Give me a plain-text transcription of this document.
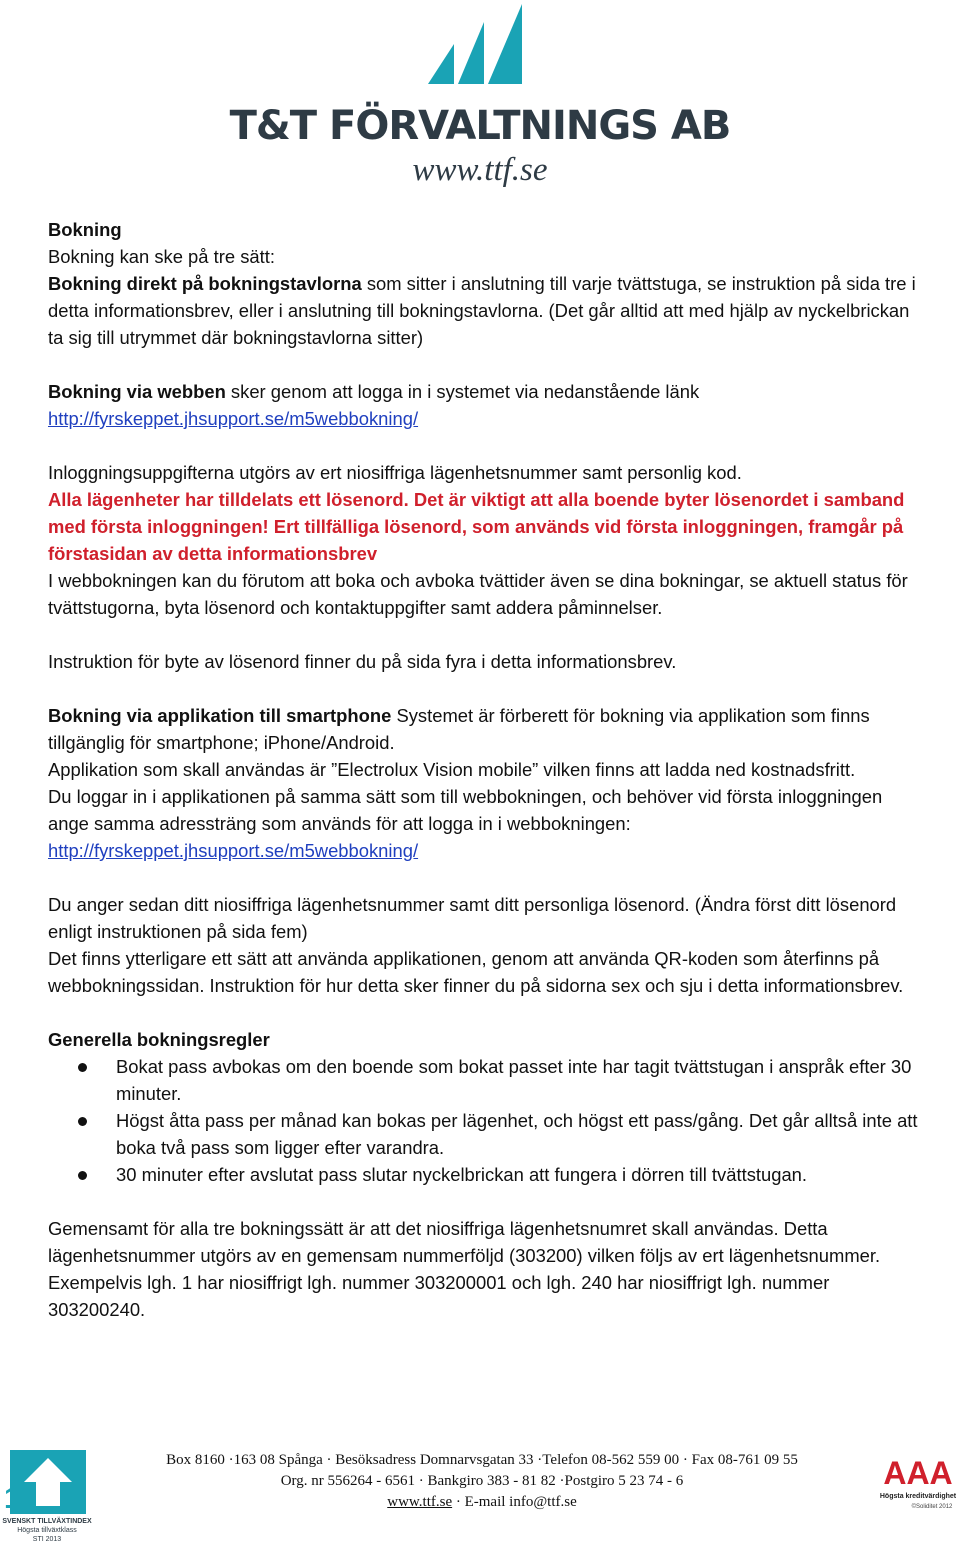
T&T FÖRVALTNINGS AB
www.ttf.se

Bokning

Bokning kan ske på tre sätt:

Bokning direkt på bokningstavlorna som sitter i anslutning till varje tvättstuga, se instruktion på sida tre i detta informationsbrev, eller i anslutning till bokningstavlorna. (Det går alltid att med hjälp av nyckelbrickan ta sig till utrymmet där bokningstavlorna sitter)

Bokning via webben sker genom att logga in i systemet via nedanstående länk

http://fyrskeppet.jhsupport.se/m5webbokning/

Inloggningsuppgifterna utgörs av ert niosiffriga lägenhetsnummer samt personlig kod.

Alla lägenheter har tilldelats ett lösenord. Det är viktigt att alla boende byter lösenordet i samband med första inloggningen! Ert tillfälliga lösenord, som används vid första inloggningen, framgår på förstasidan av detta informationsbrev

I webbokningen kan du förutom att boka och avboka tvättider även se dina bokningar, se aktuell status för tvättstugorna, byta lösenord och kontaktuppgifter samt addera påminnelser.

Instruktion för byte av lösenord finner du på sida fyra i detta informationsbrev.

Bokning via applikation till smartphone Systemet är förberett för bokning via applikation som finns tillgänglig för smartphone; iPhone/Android.

Applikation som skall användas är ”Electrolux Vision mobile” vilken finns att ladda ned kostnadsfritt.

Du loggar in i applikationen på samma sätt som till webbokningen, och behöver vid första inloggningen ange samma adressträng som används för att logga in i webbokningen:

http://fyrskeppet.jhsupport.se/m5webbokning/

Du anger sedan ditt niosiffriga lägenhetsnummer samt ditt personliga lösenord. (Ändra först ditt lösenord enligt instruktionen på sida fem)

Det finns ytterligare ett sätt att använda applikationen, genom att använda QR-koden som återfinns på webbokningssidan. Instruktion för hur detta sker finner du på sidorna sex och sju i detta informationsbrev.

Generella bokningsregler

Bokat pass avbokas om den boende som bokat passet inte har tagit tvättstugan i anspråk efter 30 minuter.
Högst åtta pass per månad kan bokas per lägenhet, och högst ett pass/gång. Det går alltså inte att boka två pass som ligger efter varandra.
30 minuter efter avslutat pass slutar nyckelbrickan att fungera i dörren till tvättstugan.

Gemensamt för alla tre bokningssätt är att det niosiffriga lägenhetsnumret skall användas. Detta lägenhetsnummer utgörs av en gemensam nummerföljd (303200) vilken följs av ert lägenhetsnummer. Exempelvis lgh. 1 har niosiffrigt lgh. nummer 303200001 och lgh. 240 har niosiffrigt lgh. nummer 303200240.

1
SVENSKT TILLVÄXTINDEX
Högsta tillväxtklass
STI 2013
Box 8160 ·163 08 Spånga · Besöksadress Domnarvsgatan 33 ·Telefon 08-562 559 00 · Fax 08-761 09 55
Org. nr 556264 - 6561 · Bankgiro 383 - 81 82 ·Postgiro 5 23 74 - 6
www.ttf.se · E-mail info@ttf.se
AAA
Högsta kreditvärdighet
©Soliditet 2012
